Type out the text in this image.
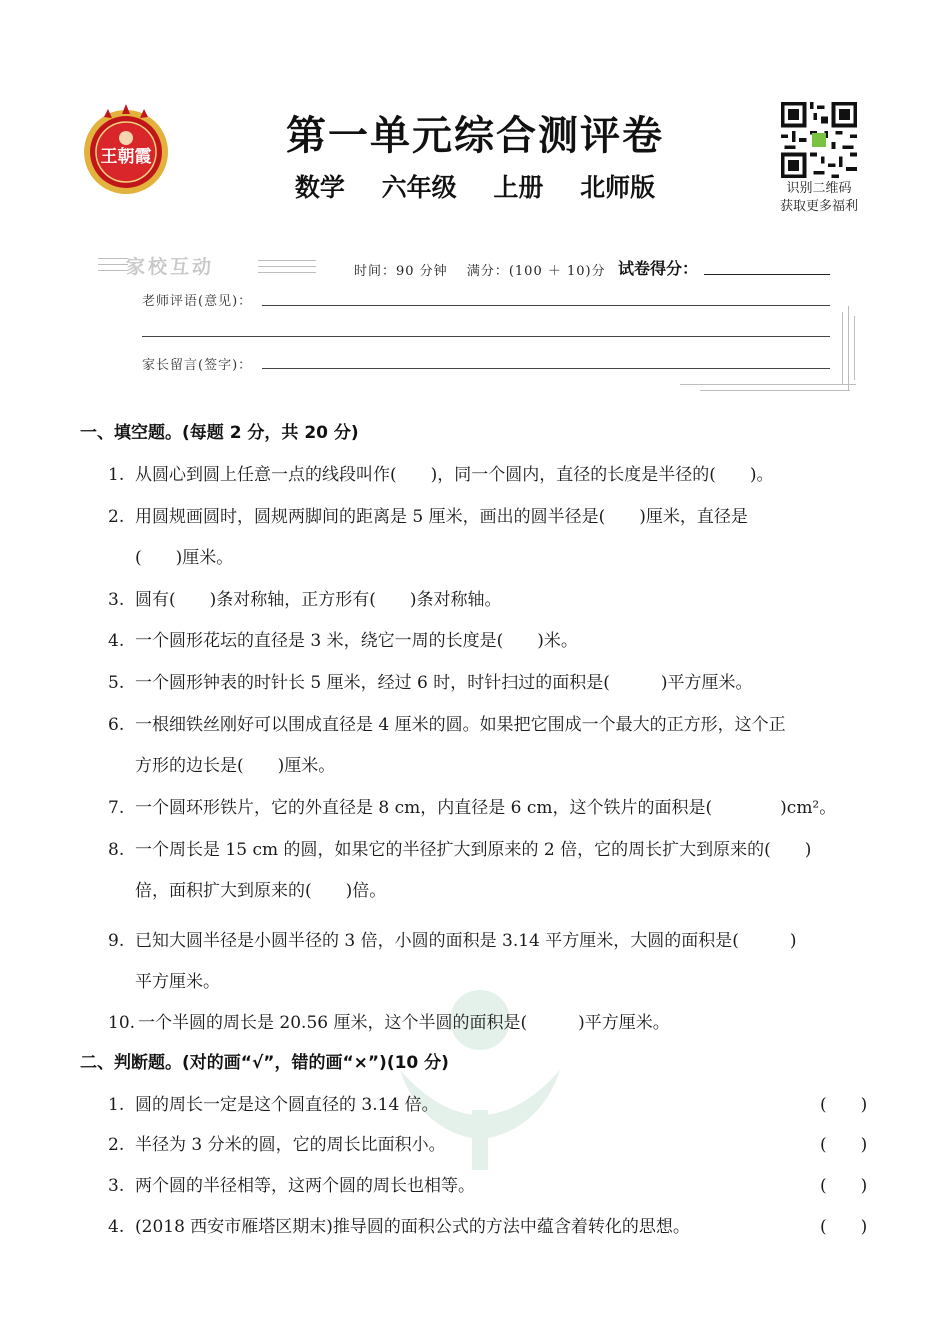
王朝霞	第一单元综合测评卷
数学 六年级 上册 北师版	识别二维码
获取更多福利
家校互动	时间：90 分钟 满分：(100 ＋ 10)分 试卷得分：
老师评语(意见)：
家长留言(签字)：
一、填空题。(每题 2 分，共 20 分)
1. 从圆心到圆上任意一点的线段叫作(　　)，同一个圆内，直径的长度是半径的(　　)。
2. 用圆规画圆时，圆规两脚间的距离是 5 厘米，画出的圆半径是(　　)厘米，直径是
(　　)厘米。
3. 圆有(　　)条对称轴，正方形有(　　)条对称轴。
4. 一个圆形花坛的直径是 3 米，绕它一周的长度是(　　)米。
5. 一个圆形钟表的时针长 5 厘米，经过 6 时，时针扫过的面积是(　　　)平方厘米。
6. 一根细铁丝刚好可以围成直径是 4 厘米的圆。如果把它围成一个最大的正方形，这个正
方形的边长是(　　)厘米。
7. 一个圆环形铁片，它的外直径是 8 cm，内直径是 6 cm，这个铁片的面积是(　　　　)cm²。
8. 一个周长是 15 cm 的圆，如果它的半径扩大到原来的 2 倍，它的周长扩大到原来的(　　)
倍，面积扩大到原来的(　　)倍。
9. 已知大圆半径是小圆半径的 3 倍，小圆的面积是 3.14 平方厘米，大圆的面积是(　　　)
平方厘米。
10. 一个半圆的周长是 20.56 厘米，这个半圆的面积是(　　　)平方厘米。
二、判断题。(对的画“√”，错的画“×”)(10 分)
1. 圆的周长一定是这个圆直径的 3.14 倍。	(　　)
2. 半径为 3 分米的圆，它的周长比面积小。	(　　)
3. 两个圆的半径相等，这两个圆的周长也相等。	(　　)
4. (2018 西安市雁塔区期末)推导圆的面积公式的方法中蕴含着转化的思想。	(　　)
